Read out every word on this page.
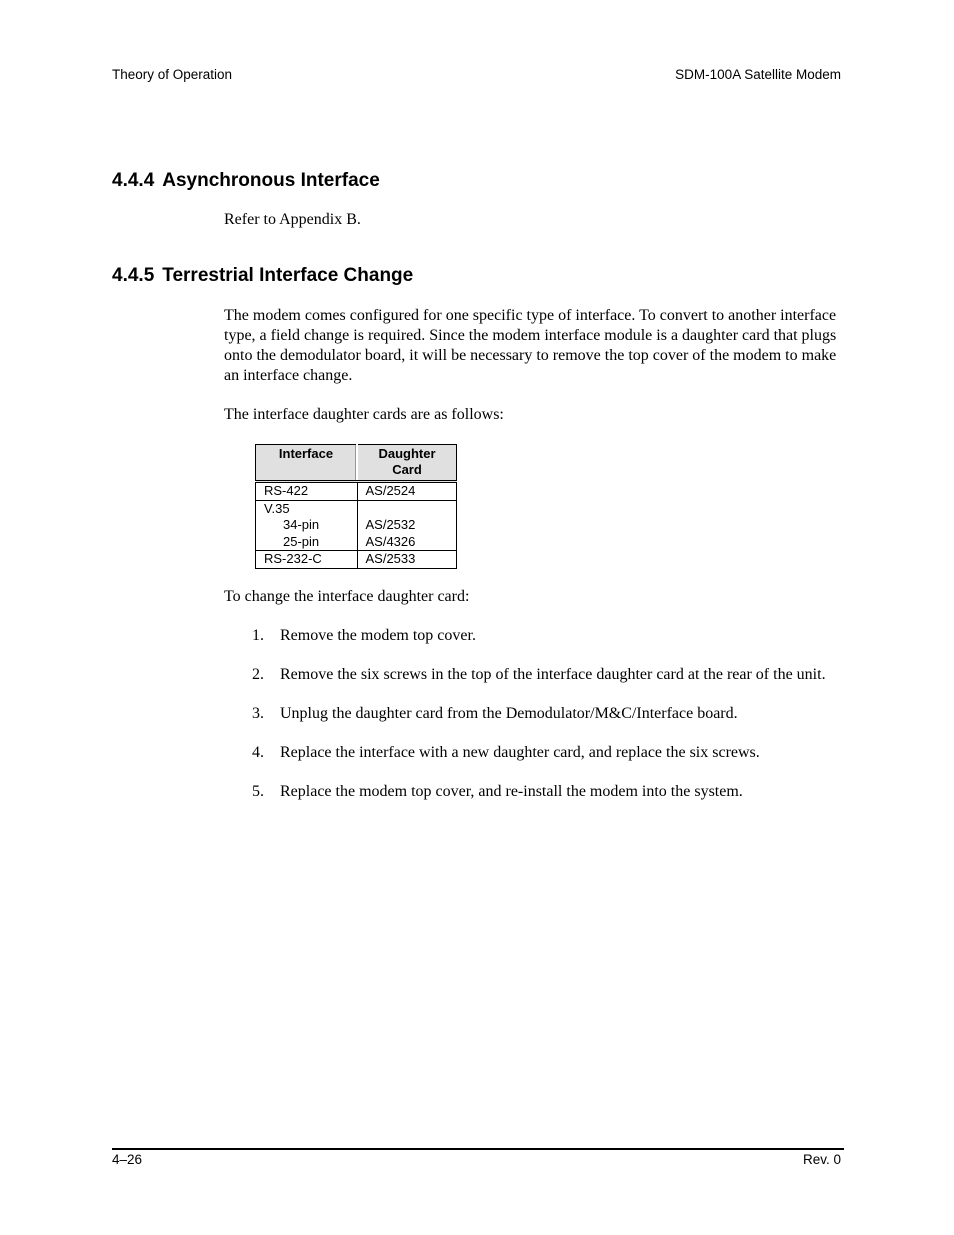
Theory of Operation	SDM-100A Satellite Modem
4.4.4 Asynchronous Interface

Refer to Appendix B.

4.4.5 Terrestrial Interface Change

The modem comes configured for one specific type of interface. To convert to another interface type, a field change is required. Since the modem interface module is a daughter card that plugs onto the demodulator board, it will be necessary to remove the top cover of the modem to make an interface change.

The interface daughter cards are as follows:

Interface	Daughter Card
RS-422	AS/2524
V.35	
34-pin	AS/2532
25-pin	AS/4326
RS-232-C	AS/2533

To change the interface daughter card:

1. Remove the modem top cover.
2. Remove the six screws in the top of the interface daughter card at the rear of the unit.
3. Unplug the daughter card from the Demodulator/M&C/Interface board.
4. Replace the interface with a new daughter card, and replace the six screws.
5. Replace the modem top cover, and re-install the modem into the system.
4–26	Rev. 0
